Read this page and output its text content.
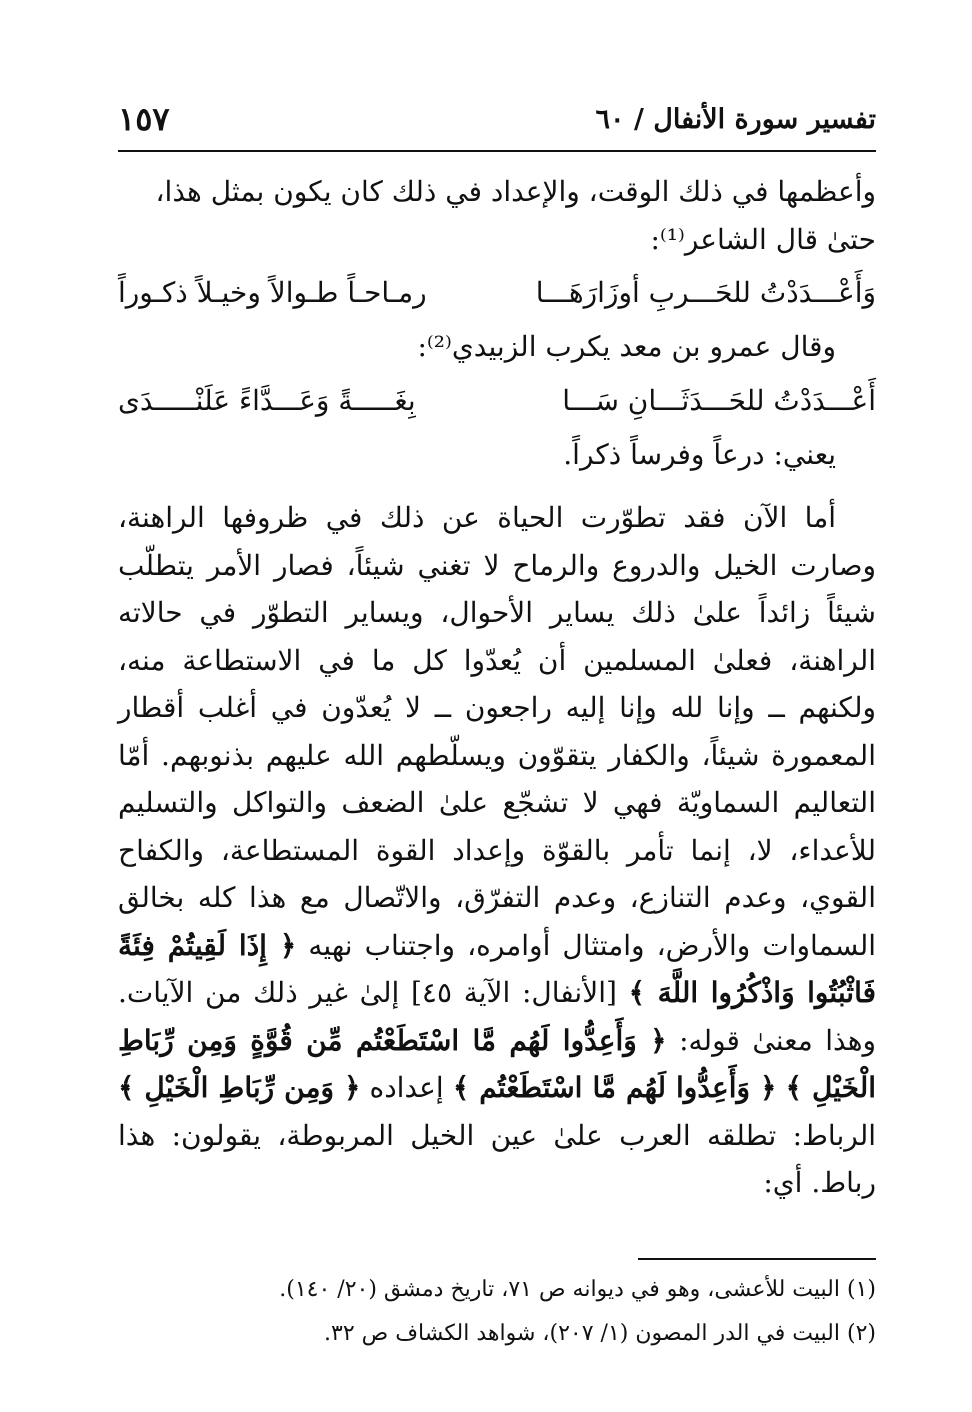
تفسير سورة الأنفال / ٦٠
١٥٧

وأعظمها في ذلك الوقت، والإعداد في ذلك كان يكون بمثل هذا،

حتىٰ قال الشاعر⁽¹⁾:

وَأَعْـــدَدْتُ للحَـــربِ أوزَارَهَـــا
رمـاحـاً طـوالاً وخيـلاً ذكـوراً

وقال عمرو بن معد يكرب الزبيدي⁽²⁾:

أَعْـــدَدْتُ للحَـــدَثَـــانِ سَـــا
بِغَـــــةً وَعَـــدَّاءً عَلَنْـــــدَى

يعني: درعاً وفرساً ذكراً.

أما الآن فقد تطوّرت الحياة عن ذلك في ظروفها الراهنة، وصارت الخيل والدروع والرماح لا تغني شيئاً، فصار الأمر يتطلّب شيئاً زائداً علىٰ ذلك يساير الأحوال، ويساير التطوّر في حالاته الراهنة، فعلىٰ المسلمين أن يُعدّوا كل ما في الاستطاعة منه، ولكنهم ــ وإنا لله وإنا إليه راجعون ــ لا يُعدّون في أغلب أقطار المعمورة شيئاً، والكفار يتقوّون ويسلّطهم الله عليهم بذنوبهم. أمّا التعاليم السماويّة فهي لا تشجّع علىٰ الضعف والتواكل والتسليم للأعداء، لا، إنما تأمر بالقوّة وإعداد القوة المستطاعة، والكفاح القوي، وعدم التنازع، وعدم التفرّق، والاتّصال مع هذا كله بخالق السماوات والأرض، وامتثال أوامره، واجتناب نهيه ﴿ إِذَا لَقِيتُمْ فِئَةً فَاثْبُتُوا وَاذْكُرُوا اللَّهَ ﴾ [الأنفال: الآية ٤٥] إلىٰ غير ذلك من الآيات. وهذا معنىٰ قوله: ﴿ وَأَعِدُّوا لَهُم مَّا اسْتَطَعْتُم مِّن قُوَّةٍ وَمِن رِّبَاطِ الْخَيْلِ ﴾ ﴿ وَأَعِدُّوا لَهُم مَّا اسْتَطَعْتُم ﴾ إعداده ﴿ وَمِن رِّبَاطِ الْخَيْلِ ﴾ الرباط: تطلقه العرب علىٰ عين الخيل المربوطة، يقولون: هذا رباط. أي:

(١) البيت للأعشى، وهو في ديوانه ص ٧١، تاريخ دمشق (٢٠/ ١٤٠).
(٢) البيت في الدر المصون (١/ ٢٠٧)، شواهد الكشاف ص ٣٢.
